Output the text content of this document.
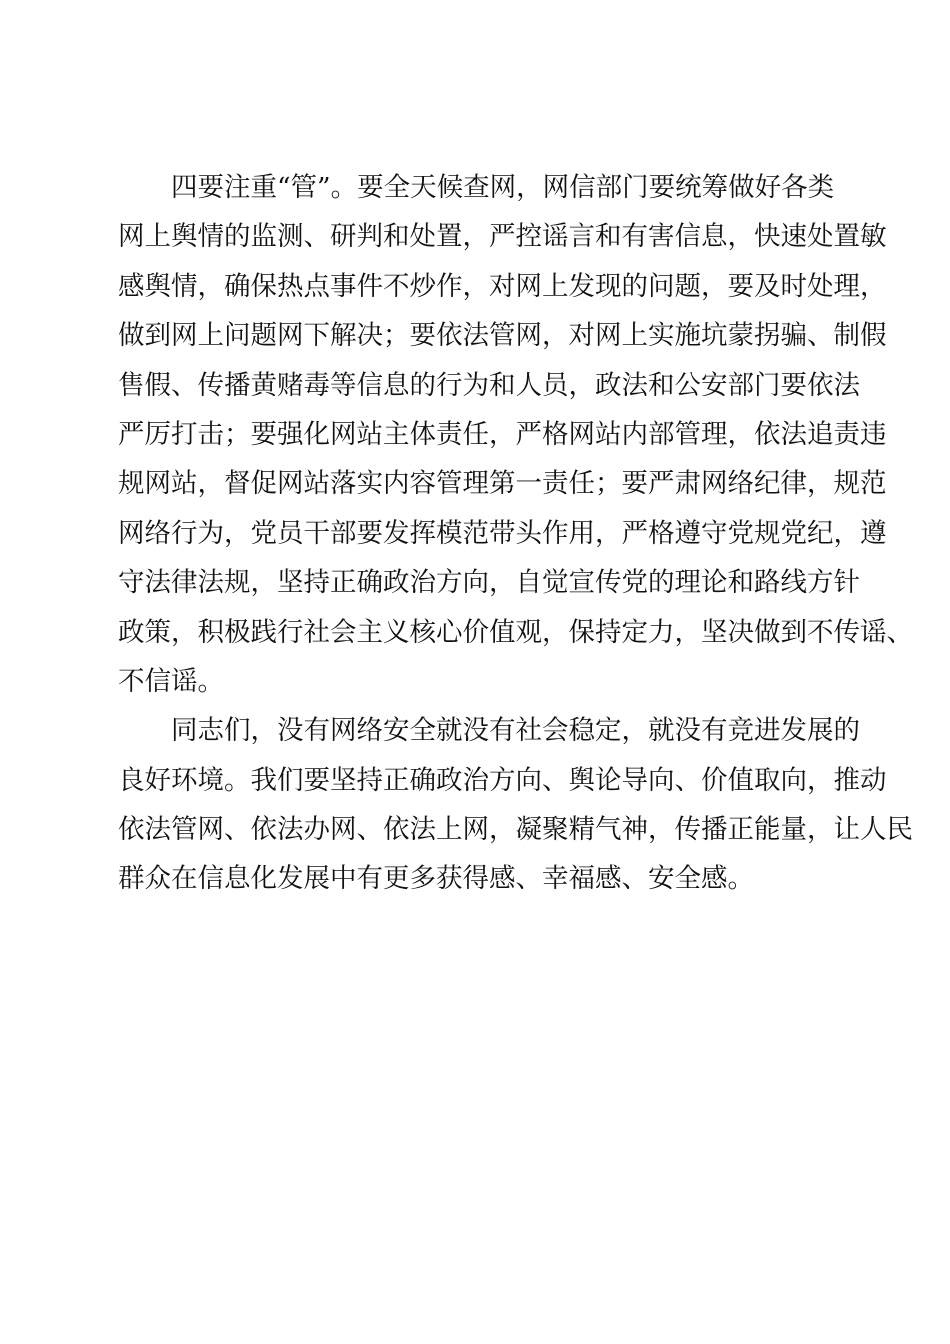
四要注重“管”。要全天候查网，网信部门要统筹做好各类
网上舆情的监测、研判和处置，严控谣言和有害信息，快速处置敏
感舆情，确保热点事件不炒作，对网上发现的问题，要及时处理，
做到网上问题网下解决；要依法管网，对网上实施坑蒙拐骗、制假
售假、传播黄赌毒等信息的行为和人员，政法和公安部门要依法
严厉打击；要强化网站主体责任，严格网站内部管理，依法追责违
规网站，督促网站落实内容管理第一责任；要严肃网络纪律，规范
网络行为，党员干部要发挥模范带头作用，严格遵守党规党纪，遵
守法律法规，坚持正确政治方向，自觉宣传党的理论和路线方针
政策，积极践行社会主义核心价值观，保持定力，坚决做到不传谣、
不信谣。
同志们，没有网络安全就没有社会稳定，就没有竞进发展的
良好环境。我们要坚持正确政治方向、舆论导向、价值取向，推动
依法管网、依法办网、依法上网，凝聚精气神，传播正能量，让人民
群众在信息化发展中有更多获得感、幸福感、安全感。
